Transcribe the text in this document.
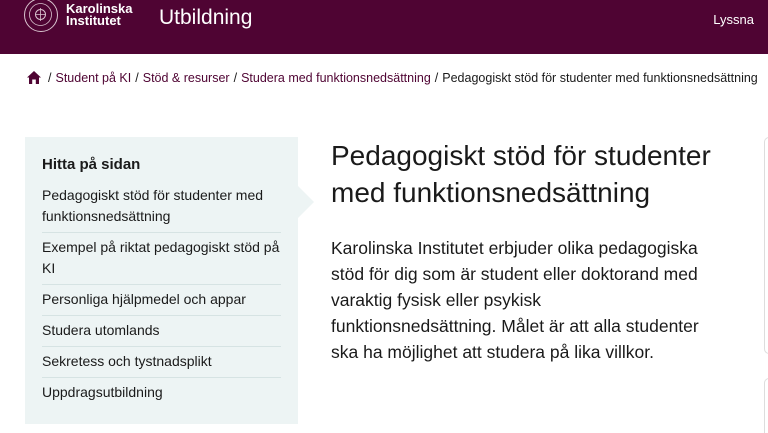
Karolinska
Institutet	Utbildning	Lyssna
/ Student på KI / Stöd & resurser / Studera med funktionsnedsättning / Pedagogiskt stöd för studenter med funktionsnedsättning
Hitta på sidan
Pedagogiskt stöd för studenter med funktionsnedsättning
Exempel på riktat pedagogiskt stöd på KI
Personliga hjälpmedel och appar
Studera utomlands
Sekretess och tystnadsplikt
Uppdragsutbildning
Pedagogiskt stöd för studenter med funktionsnedsättning

Karolinska Institutet erbjuder olika pedagogiska stöd för dig som är student eller doktorand med varaktig fysisk eller psykisk funktionsnedsättning. Målet är att alla studenter ska ha möjlighet att studera på lika villkor.
